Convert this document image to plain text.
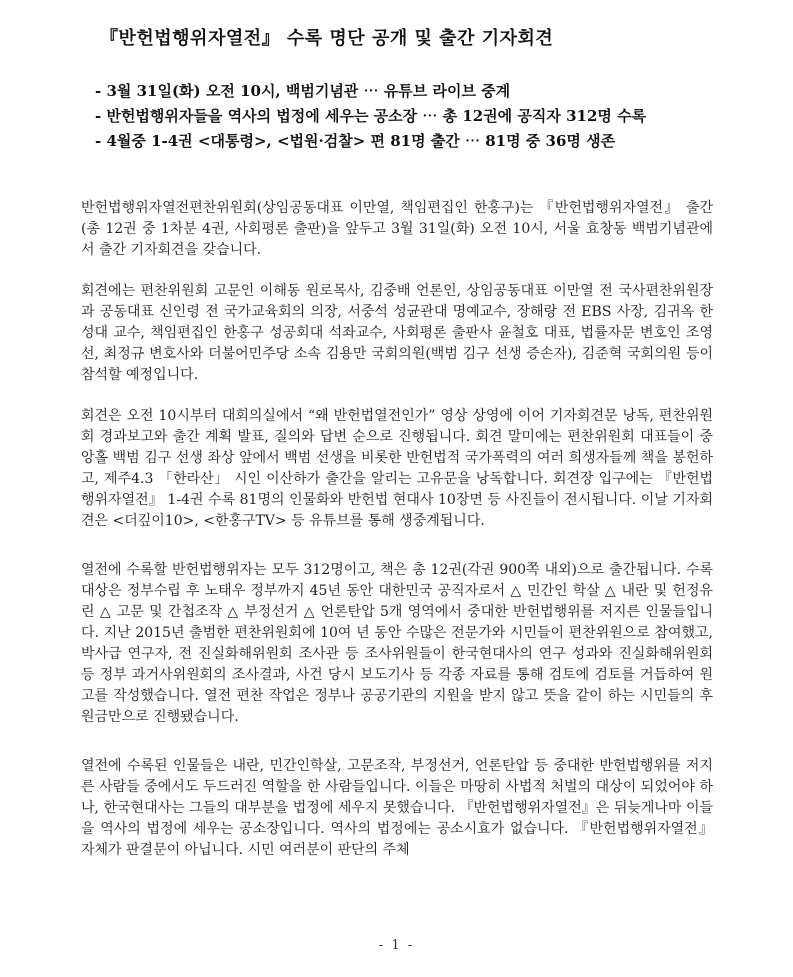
『반헌법행위자열전』 수록 명단 공개 및 출간 기자회견
- 3월 31일(화) 오전 10시, 백범기념관 ⋯ 유튜브 라이브 중계
- 반헌법행위자들을 역사의 법정에 세우는 공소장 ⋯ 총 12권에 공직자 312명 수록
- 4월중 1-4권 <대통령>, <법원·검찰> 편 81명 출간 ⋯ 81명 중 36명 생존

반헌법행위자열전편찬위원회(상임공동대표 이만열, 책임편집인 한홍구)는 『반헌법행위자열전』 출간(총 12권 중 1차분 4권, 사회평론 출판)을 앞두고 3월 31일(화) 오전 10시, 서울 효창동 백범기념관에서 출간 기자회견을 갖습니다.

회견에는 편찬위원회 고문인 이해동 원로목사, 김중배 언론인, 상임공동대표 이만열 전 국사편찬위원장과 공동대표 신인령 전 국가교육회의 의장, 서중석 성균관대 명예교수, 장해랑 전 EBS 사장, 김귀옥 한성대 교수, 책임편집인 한홍구 성공회대 석좌교수, 사회평론 출판사 윤철호 대표, 법률자문 변호인 조영선, 최정규 변호사와 더불어민주당 소속 김용만 국회의원(백범 김구 선생 증손자), 김준혁 국회의원 등이 참석할 예정입니다.

회견은 오전 10시부터 대회의실에서 “왜 반헌법열전인가” 영상 상영에 이어 기자회견문 낭독, 편찬위원회 경과보고와 출간 계획 발표, 질의와 답변 순으로 진행됩니다. 회견 말미에는 편찬위원회 대표들이 중앙홀 백범 김구 선생 좌상 앞에서 백범 선생을 비롯한 반헌법적 국가폭력의 여러 희생자들께 책을 봉헌하고, 제주4.3 「한라산」 시인 이산하가 출간을 알리는 고유문을 낭독합니다. 회견장 입구에는 『반헌법행위자열전』 1-4권 수록 81명의 인물화와 반헌법 현대사 10장면 등 사진들이 전시됩니다. 이날 기자회견은 <더깊이10>, <한홍구TV> 등 유튜브를 통해 생중계됩니다.

열전에 수록할 반헌법행위자는 모두 312명이고, 책은 총 12권(각권 900쪽 내외)으로 출간됩니다. 수록 대상은 정부수립 후 노태우 정부까지 45년 동안 대한민국 공직자로서 △ 민간인 학살 △ 내란 및 헌정유린 △ 고문 및 간첩조작 △ 부정선거 △ 언론탄압 5개 영역에서 중대한 반헌법행위를 저지른 인물들입니다. 지난 2015년 출범한 편찬위원회에 10여 년 동안 수많은 전문가와 시민들이 편찬위원으로 참여했고, 박사급 연구자, 전 진실화해위원회 조사관 등 조사위원들이 한국현대사의 연구 성과와 진실화해위원회 등 정부 과거사위원회의 조사결과, 사건 당시 보도기사 등 각종 자료를 통해 검토에 검토를 거듭하여 원고를 작성했습니다. 열전 편찬 작업은 정부나 공공기관의 지원을 받지 않고 뜻을 같이 하는 시민들의 후원금만으로 진행됐습니다.

열전에 수록된 인물들은 내란, 민간인학살, 고문조작, 부정선거, 언론탄압 등 중대한 반헌법행위를 저지른 사람들 중에서도 두드러진 역할을 한 사람들입니다. 이들은 마땅히 사법적 처벌의 대상이 되었어야 하나, 한국현대사는 그들의 대부분을 법정에 세우지 못했습니다. 『반헌법행위자열전』은 뒤늦게나마 이들을 역사의 법정에 세우는 공소장입니다. 역사의 법정에는 공소시효가 없습니다. 『반헌법행위자열전』 자체가 판결문이 아닙니다. 시민 여러분이 판단의 주체

- 1 -
